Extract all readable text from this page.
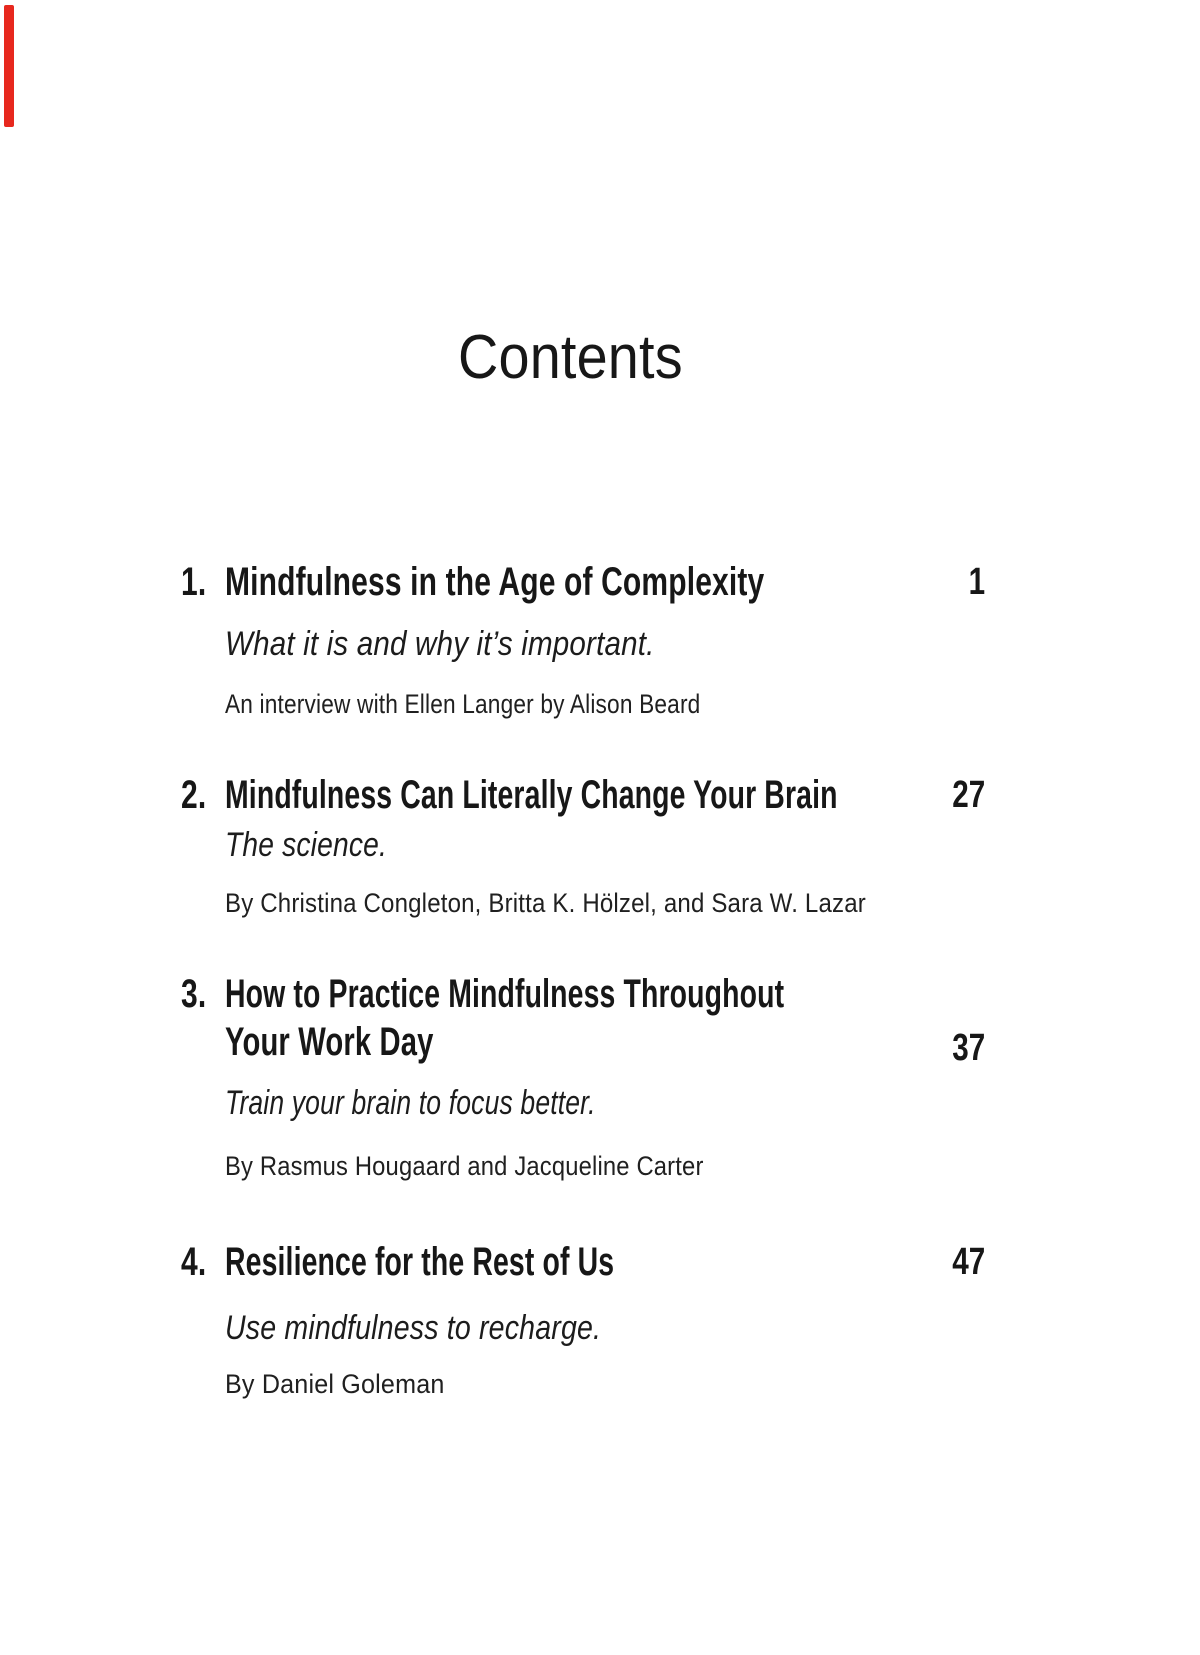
Contents
1. Mindfulness in the Age of Complexity	1
What it is and why it’s important.
An interview with Ellen Langer by Alison Beard
2. Mindfulness Can Literally Change Your Brain	27
The science.
By Christina Congleton, Britta K. Hölzel, and Sara W. Lazar
3. How to Practice Mindfulness Throughout
Your Work Day	37
Train your brain to focus better.
By Rasmus Hougaard and Jacqueline Carter
4. Resilience for the Rest of Us	47
Use mindfulness to recharge.
By Daniel Goleman
